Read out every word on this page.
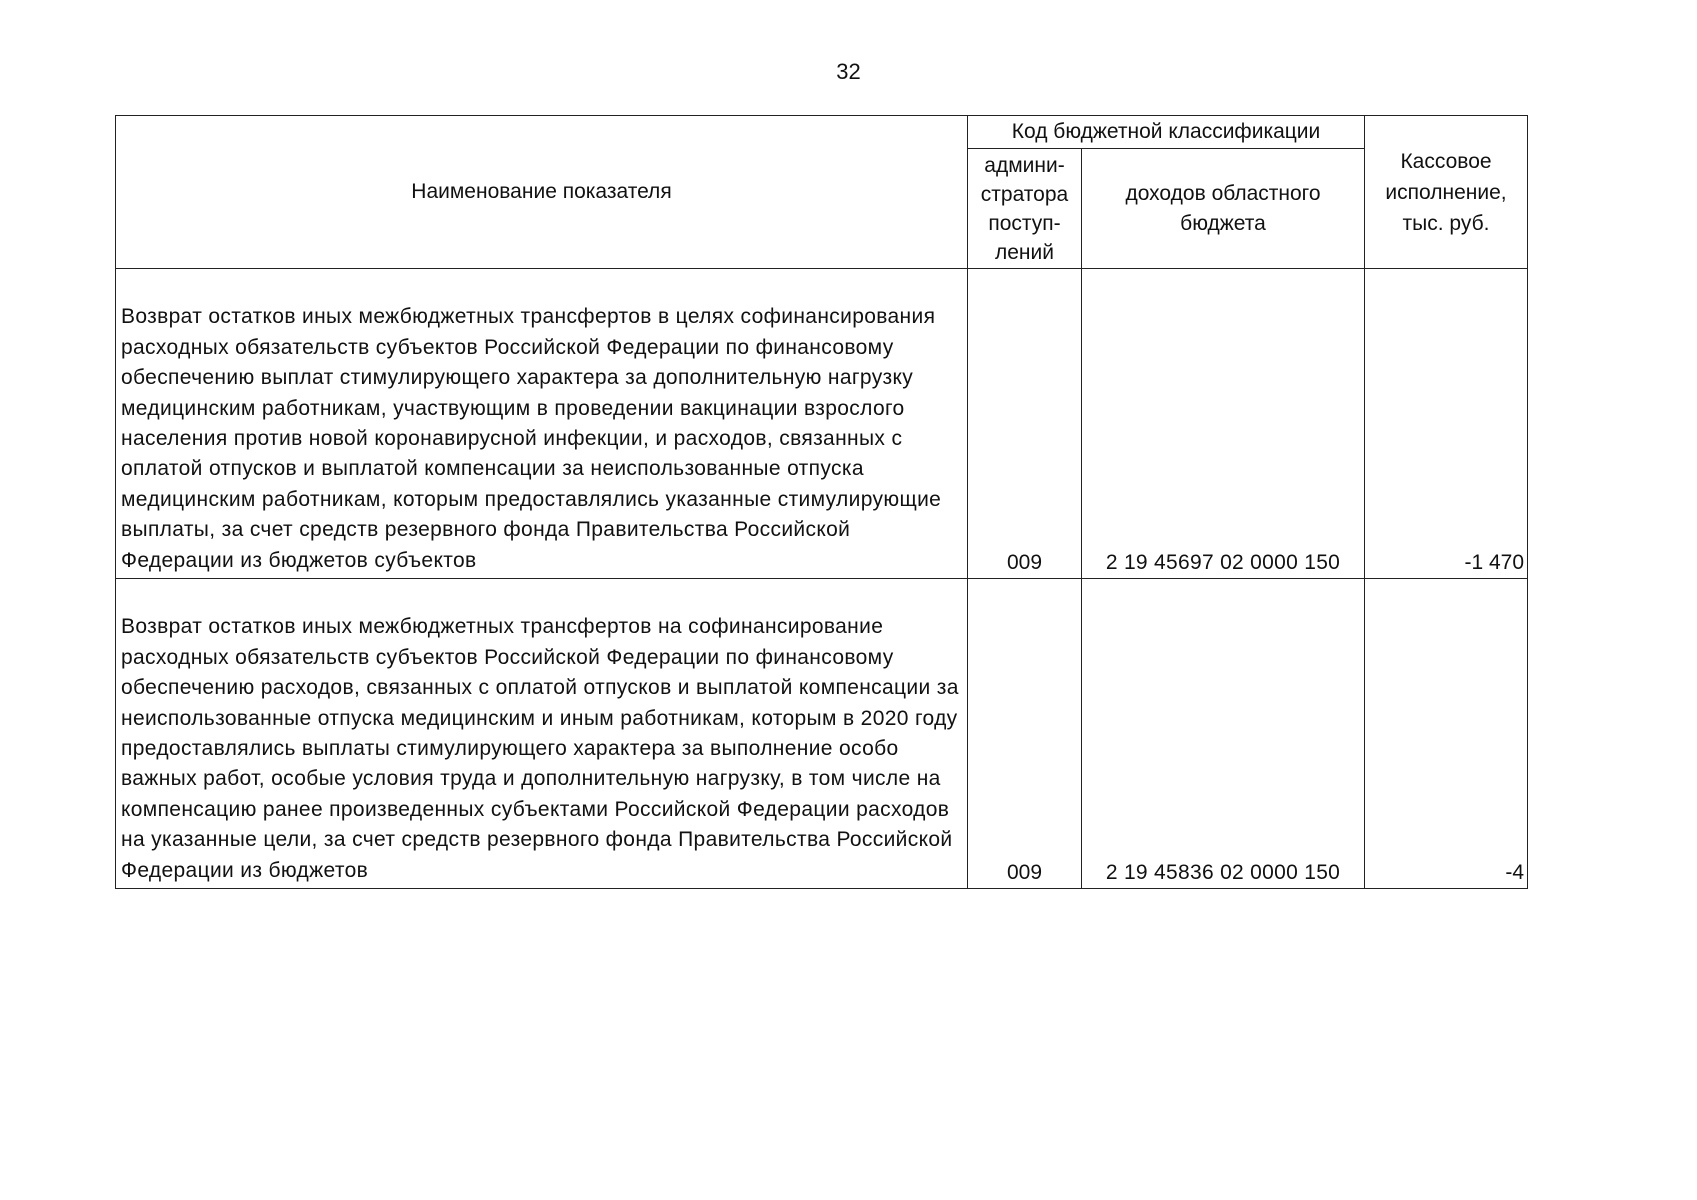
32
Наименование показателя	Код бюджетной классификации		Кассовое исполнение, тыс. руб.
	админи-стратора поступ-лений	доходов областного бюджета	
Возврат остатков иных межбюджетных трансфертов в целях софинансирования расходных обязательств субъектов Российской Федерации по финансовому обеспечению выплат стимулирующего характера за дополнительную нагрузку медицинским работникам, участвующим в проведении вакцинации взрослого населения против новой коронавирусной инфекции, и расходов, связанных с оплатой отпусков и выплатой компенсации за неиспользованные отпуска медицинским работникам, которым предоставлялись указанные стимулирующие выплаты, за счет средств резервного фонда Правительства Российской Федерации из бюджетов субъектов	009	2 19 45697 02 0000 150	-1 470
Возврат остатков иных межбюджетных трансфертов на софинансирование расходных обязательств субъектов Российской Федерации по финансовому обеспечению расходов, связанных с оплатой отпусков и выплатой компенсации за неиспользованные отпуска медицинским и иным работникам, которым в 2020 году предоставлялись выплаты стимулирующего характера за выполнение особо важных работ, особые условия труда и дополнительную нагрузку, в том числе на компенсацию ранее произведенных субъектами Российской Федерации расходов на указанные цели, за счет средств резервного фонда Правительства Российской Федерации из бюджетов	009	2 19 45836 02 0000 150	-4
